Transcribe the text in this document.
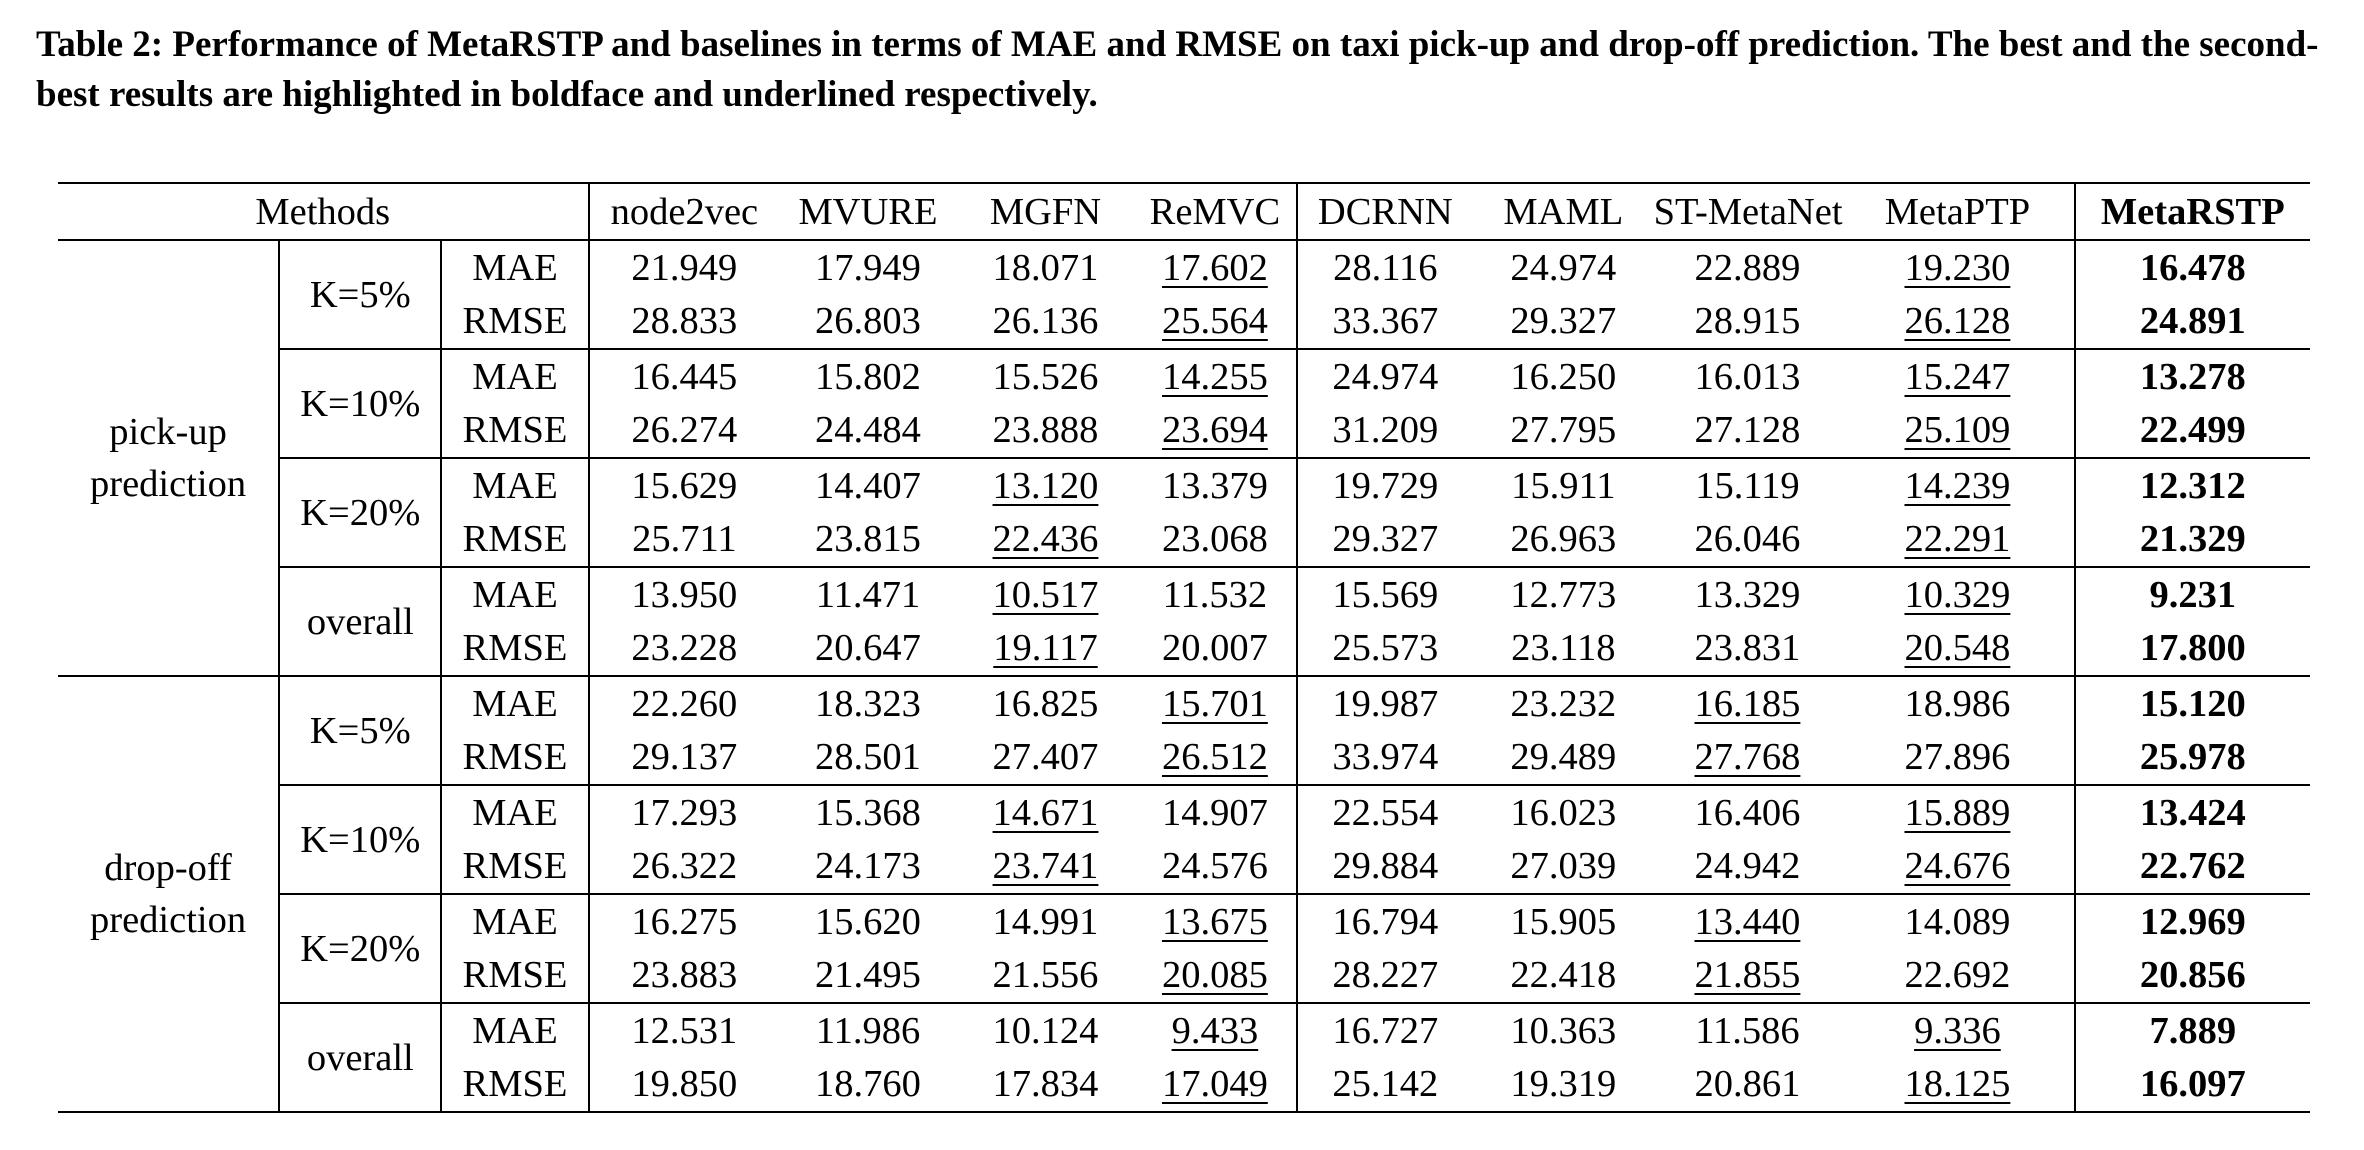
Table 2: Performance of MetaRSTP and baselines in terms of MAE and RMSE on taxi pick-up and drop-off prediction. The best and the second-best results are highlighted in boldface and underlined respectively.
Methods			node2vec	MVURE	MGFN	ReMVC	DCRNN	MAML	ST-MetaNet	MetaPTP	MetaRSTP

pick-up
prediction	K=5%	MAE	21.949	17.949	18.071	17.602	28.116	24.974	22.889	19.230	16.478
		RMSE	28.833	26.803	26.136	25.564	33.367	29.327	28.915	26.128	24.891
	K=10%	MAE	16.445	15.802	15.526	14.255	24.974	16.250	16.013	15.247	13.278
		RMSE	26.274	24.484	23.888	23.694	31.209	27.795	27.128	25.109	22.499
	K=20%	MAE	15.629	14.407	13.120	13.379	19.729	15.911	15.119	14.239	12.312
		RMSE	25.711	23.815	22.436	23.068	29.327	26.963	26.046	22.291	21.329
	overall	MAE	13.950	11.471	10.517	11.532	15.569	12.773	13.329	10.329	9.231
		RMSE	23.228	20.647	19.117	20.007	25.573	23.118	23.831	20.548	17.800

drop-off
prediction	K=5%	MAE	22.260	18.323	16.825	15.701	19.987	23.232	16.185	18.986	15.120
		RMSE	29.137	28.501	27.407	26.512	33.974	29.489	27.768	27.896	25.978
	K=10%	MAE	17.293	15.368	14.671	14.907	22.554	16.023	16.406	15.889	13.424
		RMSE	26.322	24.173	23.741	24.576	29.884	27.039	24.942	24.676	22.762
	K=20%	MAE	16.275	15.620	14.991	13.675	16.794	15.905	13.440	14.089	12.969
		RMSE	23.883	21.495	21.556	20.085	28.227	22.418	21.855	22.692	20.856
	overall	MAE	12.531	11.986	10.124	9.433	16.727	10.363	11.586	9.336	7.889
		RMSE	19.850	18.760	17.834	17.049	25.142	19.319	20.861	18.125	16.097
